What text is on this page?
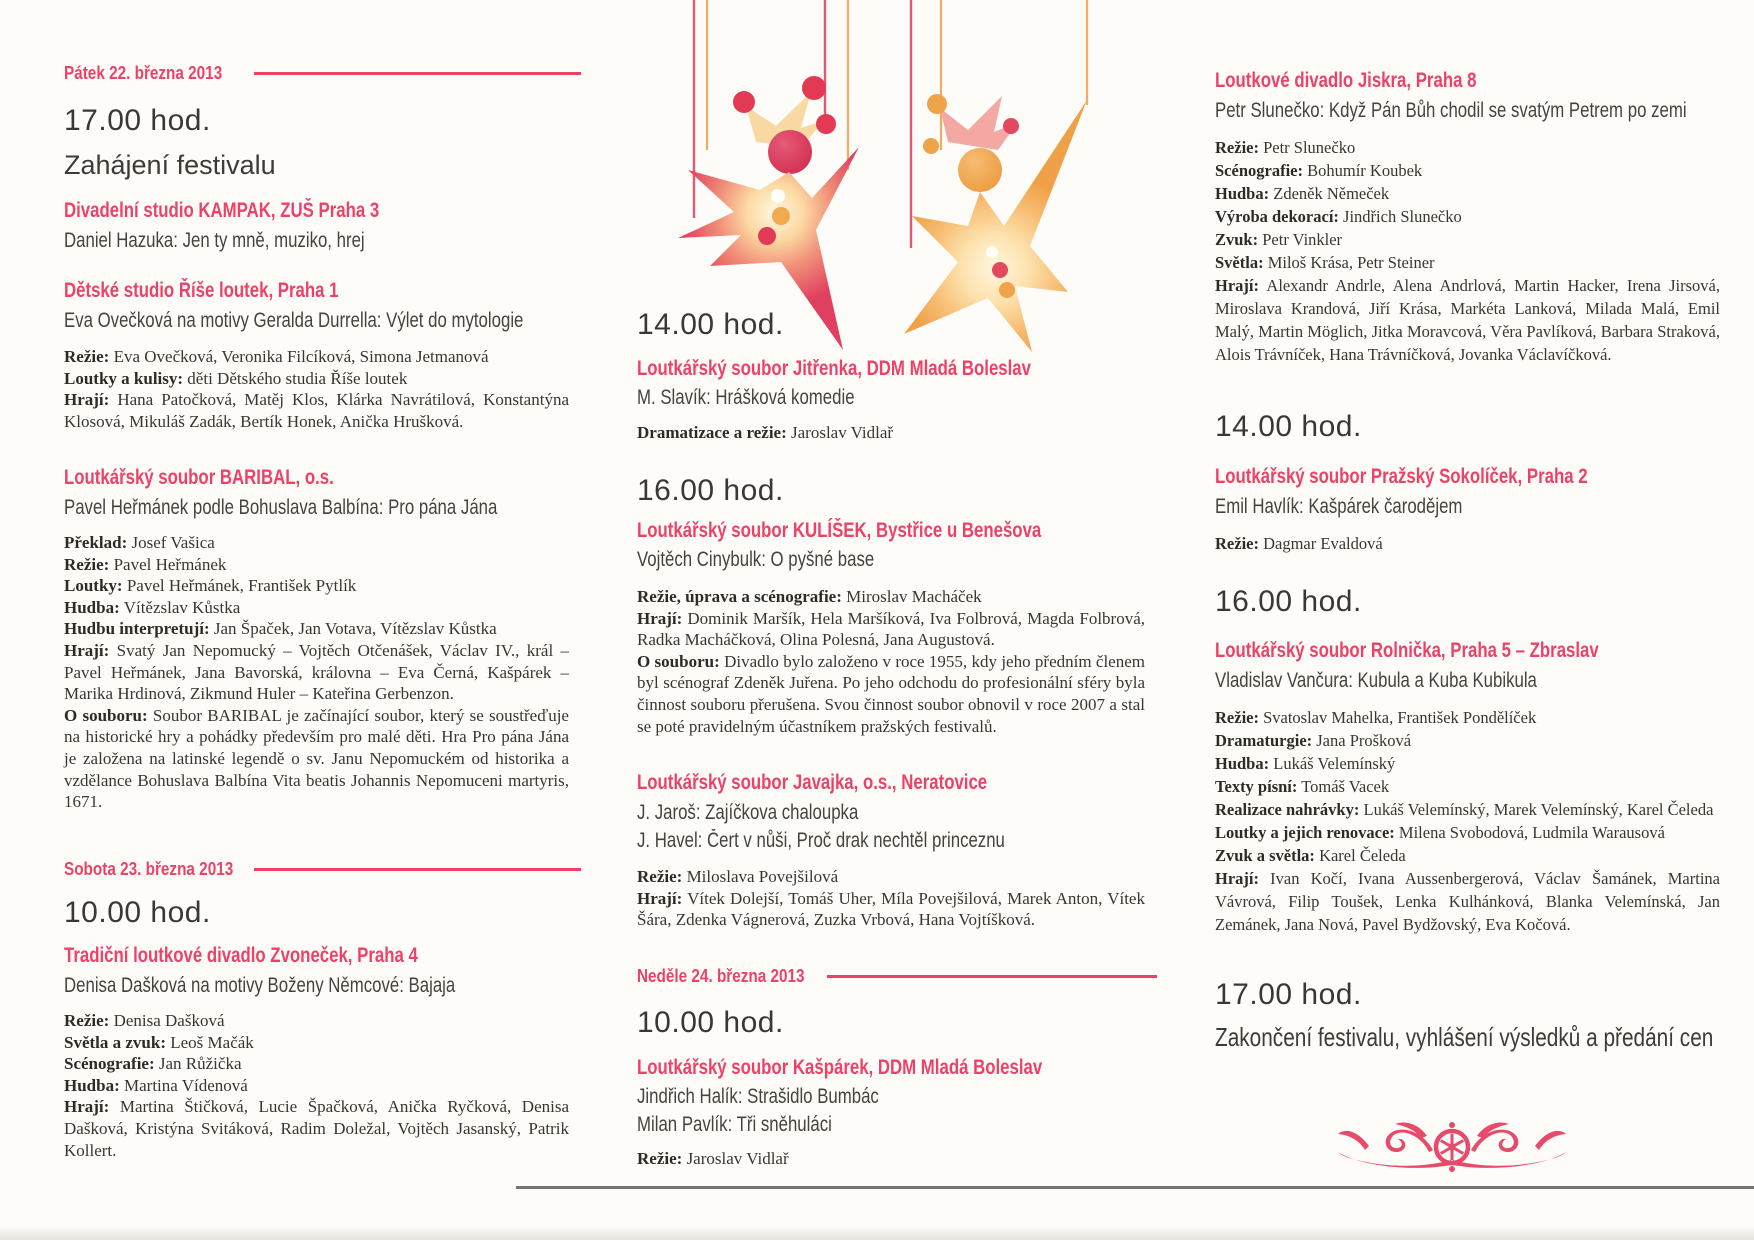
Pátek 22. března 2013
17.00 hod.
Zahájení festivalu
Divadelní studio KAMPAK, ZUŠ Praha 3
Daniel Hazuka: Jen ty mně, muziko, hrej
Dětské studio Říše loutek, Praha 1
Eva Ovečková na motivy Geralda Durrella: Výlet do mytologie

Režie: Eva Ovečková, Veronika Filcíková, Simona Jetmanová

Loutky a kulisy: děti Dětského studia Říše loutek

Hrají: Hana Patočková, Matěj Klos, Klárka Navrátilová, Konstantýna Klosová, Mikuláš Zadák, Bertík Honek, Anička Hrušková.

Loutkářský soubor BARIBAL, o.s.
Pavel Heřmánek podle Bohuslava Balbína: Pro pána Jána

Překlad: Josef Vašica

Režie: Pavel Heřmánek

Loutky: Pavel Heřmánek, František Pytlík

Hudba: Vítězslav Kůstka

Hudbu interpretují: Jan Špaček, Jan Votava, Vítězslav Kůstka

Hrají: Svatý Jan Nepomucký – Vojtěch Otčenášek, Václav IV., král – Pavel Heřmánek, Jana Bavorská, královna – Eva Černá, Kašpárek – Marika Hrdinová, Zikmund Huler – Kateřina Gerbenzon.

O souboru: Soubor BARIBAL je začínající soubor, který se soustřeďuje na historické hry a pohádky především pro malé děti. Hra Pro pána Jána je založena na latinské legendě o sv. Janu Nepomuckém od historika a vzdělance Bohuslava Balbína Vita beatis Johannis Nepomuceni martyris, 1671.

Sobota 23. března 2013
10.00 hod.
Tradiční loutkové divadlo Zvoneček, Praha 4
Denisa Dašková na motivy Boženy Němcové: Bajaja

Režie: Denisa Dašková

Světla a zvuk: Leoš Mačák

Scénografie: Jan Růžička

Hudba: Martina Vídenová

Hrají: Martina Štičková, Lucie Špačková, Anička Ryčková, Denisa Dašková, Kristýna Svitáková, Radim Doležal, Vojtěch Jasanský, Patrik Kollert.

14.00 hod.
Loutkářský soubor Jitřenka, DDM Mladá Boleslav
M. Slavík: Hrášková komedie

Dramatizace a režie: Jaroslav Vidlař

16.00 hod.
Loutkářský soubor KULÍŠEK, Bystřice u Benešova
Vojtěch Cinybulk: O pyšné base

Režie, úprava a scénografie: Miroslav Macháček

Hrají: Dominik Maršík, Hela Maršíková, Iva Folbrová, Magda Folbrová, Radka Macháčková, Olina Polesná, Jana Augustová.

O souboru: Divadlo bylo založeno v roce 1955, kdy jeho předním členem byl scénograf Zdeněk Juřena. Po jeho odchodu do profesionální sféry byla činnost souboru přerušena. Svou činnost soubor obnovil v roce 2007 a stal se poté pravidelným účastníkem pražských festivalů.

Loutkářský soubor Javajka, o.s., Neratovice
J. Jaroš: Zajíčkova chaloupka
J. Havel: Čert v nůši, Proč drak nechtěl princeznu

Režie: Miloslava Povejšilová

Hrají: Vítek Dolejší, Tomáš Uher, Míla Povejšilová, Marek Anton, Vítek Šára, Zdenka Vágnerová, Zuzka Vrbová, Hana Vojtíšková.

Neděle 24. března 2013
10.00 hod.
Loutkářský soubor Kašpárek, DDM Mladá Boleslav
Jindřich Halík: Strašidlo Bumbác
Milan Pavlík: Tři sněhuláci

Režie: Jaroslav Vidlař

Loutkové divadlo Jiskra, Praha 8
Petr Slunečko: Když Pán Bůh chodil se svatým Petrem po zemi

Režie: Petr Slunečko

Scénografie: Bohumír Koubek

Hudba: Zdeněk Němeček

Výroba dekorací: Jindřich Slunečko

Zvuk: Petr Vinkler

Světla: Miloš Krása, Petr Steiner

Hrají: Alexandr Andrle, Alena Andrlová, Martin Hacker, Irena Jirsová, Miroslava Krandová, Jiří Krása, Markéta Lanková, Milada Malá, Emil Malý, Martin Möglich, Jitka Moravcová, Věra Pavlíková, Barbara Straková, Alois Trávníček, Hana Trávníčková, Jovanka Václavíčková.

14.00 hod.
Loutkářský soubor Pražský Sokolíček, Praha 2
Emil Havlík: Kašpárek čarodějem

Režie: Dagmar Evaldová

16.00 hod.
Loutkářský soubor Rolnička, Praha 5 – Zbraslav
Vladislav Vančura: Kubula a Kuba Kubikula

Režie: Svatoslav Mahelka, František Pondělíček

Dramaturgie: Jana Prošková

Hudba: Lukáš Velemínský

Texty písní: Tomáš Vacek

Realizace nahrávky: Lukáš Velemínský, Marek Velemínský, Karel Čeleda

Loutky a jejich renovace: Milena Svobodová, Ludmila Warausová

Zvuk a světla: Karel Čeleda

Hrají: Ivan Kočí, Ivana Aussenbergerová, Václav Šamánek, Martina Vávrová, Filip Toušek, Lenka Kulhánková, Blanka Velemínská, Jan Zemánek, Jana Nová, Pavel Bydžovský, Eva Kočová.

17.00 hod.
Zakončení festivalu, vyhlášení výsledků a předání cen
